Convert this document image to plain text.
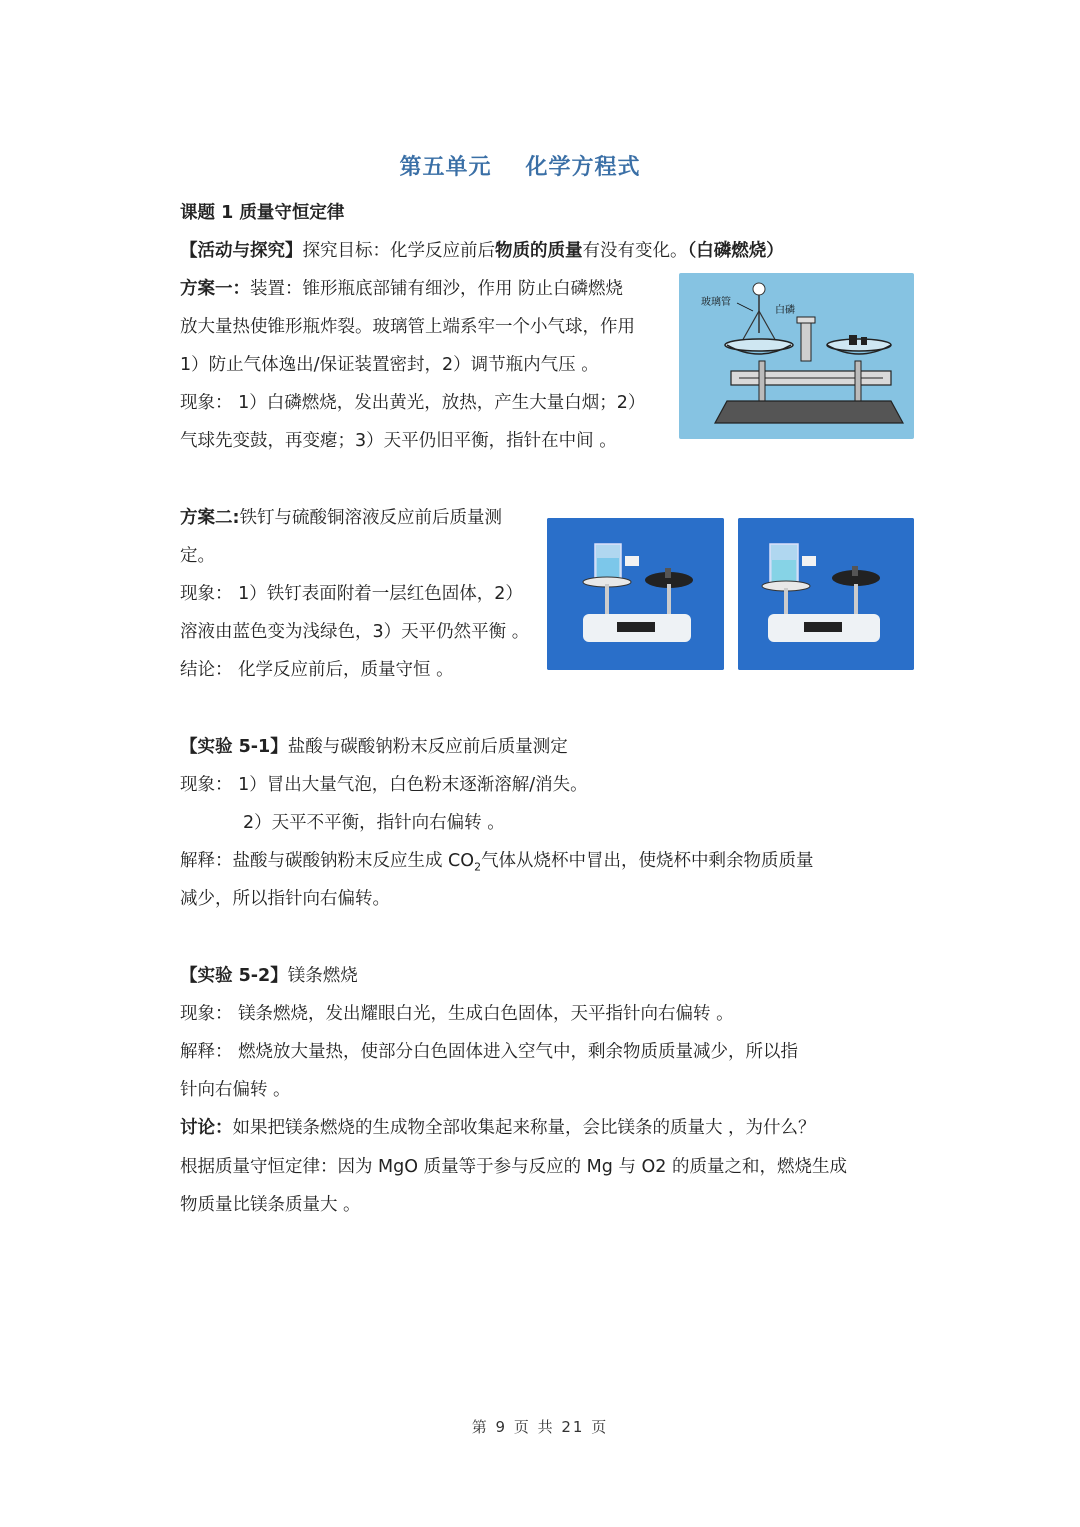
第五单元 化学方程式
课题 1 质量守恒定律
【活动与探究】探究目标：化学反应前后物质的质量有没有变化。（白磷燃烧）
方案一：装置：锥形瓶底部铺有细沙，作用 防止白磷燃烧
放大量热使锥形瓶炸裂。玻璃管上端系牢一个小气球，作用
1）防止气体逸出/保证装置密封，2）调节瓶内气压 。
现象： 1）白磷燃烧，发出黄光，放热，产生大量白烟；2）
气球先变鼓，再变瘪；3）天平仍旧平衡，指针在中间 。
玻璃管
白磷
方案二:铁钉与硫酸铜溶液反应前后质量测
定。
现象： 1）铁钉表面附着一层红色固体，2）
溶液由蓝色变为浅绿色，3）天平仍然平衡 。
结论： 化学反应前后，质量守恒 。
【实验 5-1】盐酸与碳酸钠粉末反应前后质量测定
现象： 1）冒出大量气泡，白色粉末逐渐溶解/消失。
2）天平不平衡，指针向右偏转 。
解释：盐酸与碳酸钠粉末反应生成 $CO_2$气体从烧杯中冒出，使烧杯中剩余物质质量
减少，所以指针向右偏转。
【实验 5-2】镁条燃烧
现象： 镁条燃烧，发出耀眼白光，生成白色固体，天平指针向右偏转 。
解释： 燃烧放大量热，使部分白色固体进入空气中，剩余物质质量减少，所以指
针向右偏转 。
讨论：如果把镁条燃烧的生成物全部收集起来称量，会比镁条的质量大 ，为什么？
根据质量守恒定律：因为 MgO 质量等于参与反应的 Mg 与 O2 的质量之和，燃烧生成
物质量比镁条质量大 。
第 9 页 共 21 页
